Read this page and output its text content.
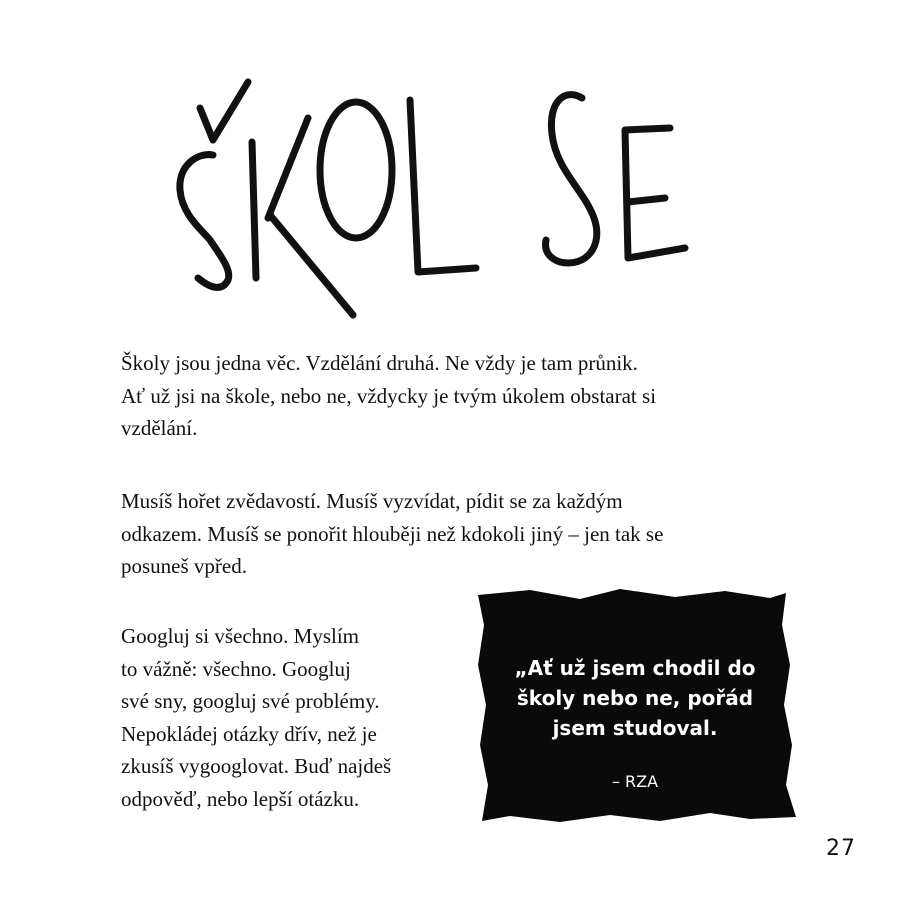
Školy jsou jedna věc. Vzdělání druhá. Ne vždy je tam průnik.
Ať už jsi na škole, nebo ne, vždycky je tvým úkolem obstarat si
vzdělání.

Musíš hořet zvědavostí. Musíš vyzvídat, pídit se za každým
odkazem. Musíš se ponořit hlouběji než kdokoli jiný – jen tak se
posuneš vpřed.

Googluj si všechno. Myslím
to vážně: všechno. Googluj
své sny, googluj své problémy.
Nepokládej otázky dřív, než je
zkusíš vygooglovat. Buď najdeš
odpověď, nebo lepší otázku.

„Ať už jsem chodil do
školy nebo ne, pořád
jsem studoval.
– RZA
27
